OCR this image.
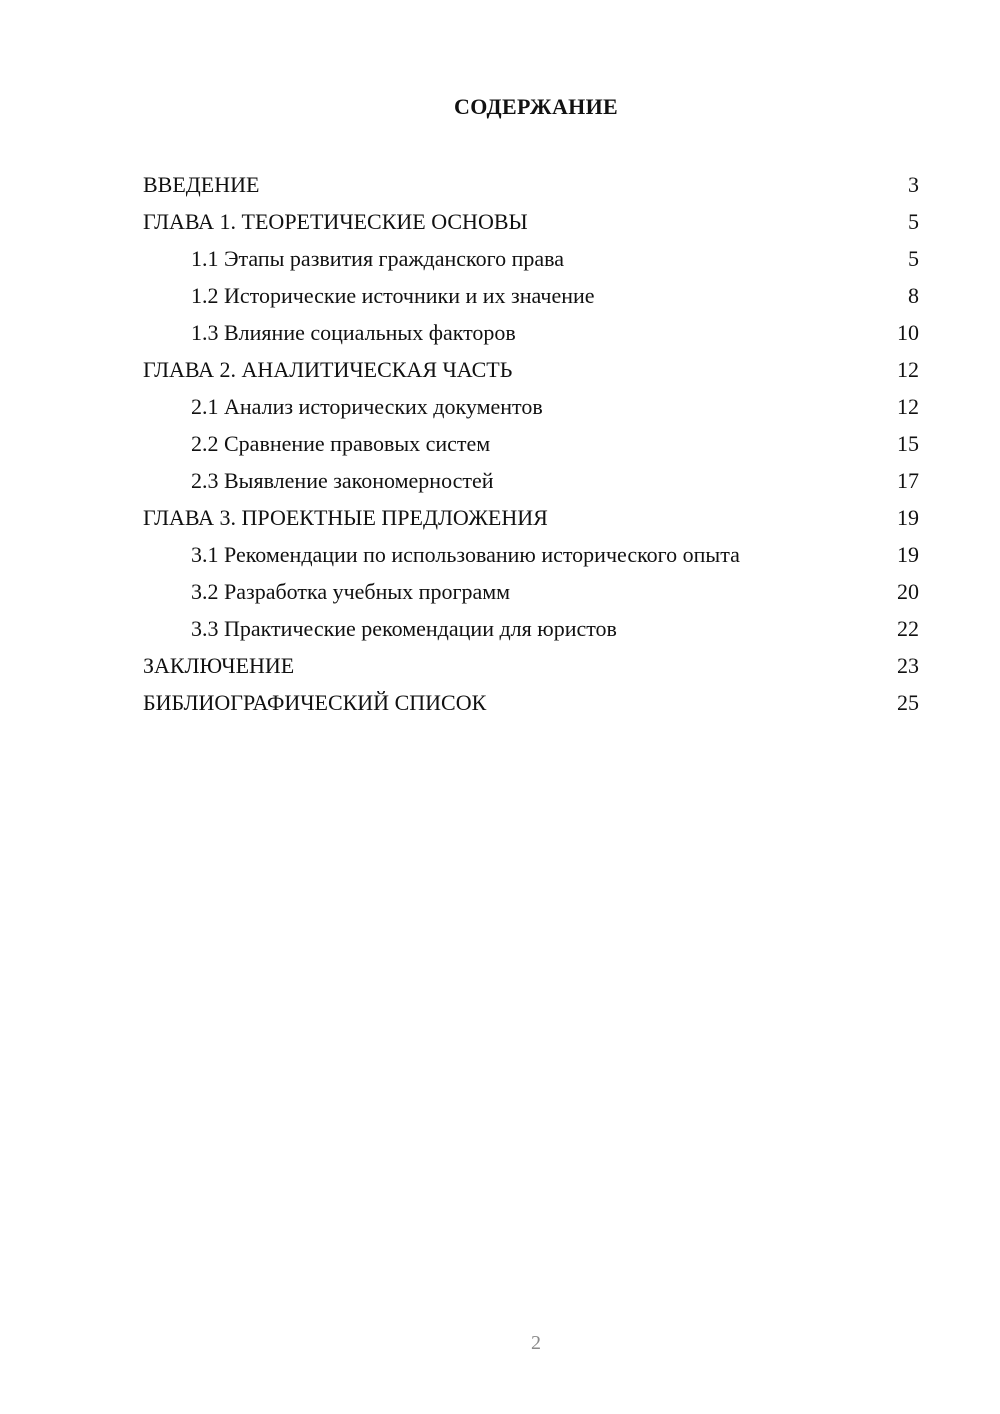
СОДЕРЖАНИЕ
ВВЕДЕНИЕ	3
ГЛАВА 1. ТЕОРЕТИЧЕСКИЕ ОСНОВЫ	5
1.1 Этапы развития гражданского права	5
1.2 Исторические источники и их значение	8
1.3 Влияние социальных факторов	10
ГЛАВА 2. АНАЛИТИЧЕСКАЯ ЧАСТЬ	12
2.1 Анализ исторических документов	12
2.2 Сравнение правовых систем	15
2.3 Выявление закономерностей	17
ГЛАВА 3. ПРОЕКТНЫЕ ПРЕДЛОЖЕНИЯ	19
3.1 Рекомендации по использованию исторического опыта	19
3.2 Разработка учебных программ	20
3.3 Практические рекомендации для юристов	22
ЗАКЛЮЧЕНИЕ	23
БИБЛИОГРАФИЧЕСКИЙ СПИСОК	25
2
